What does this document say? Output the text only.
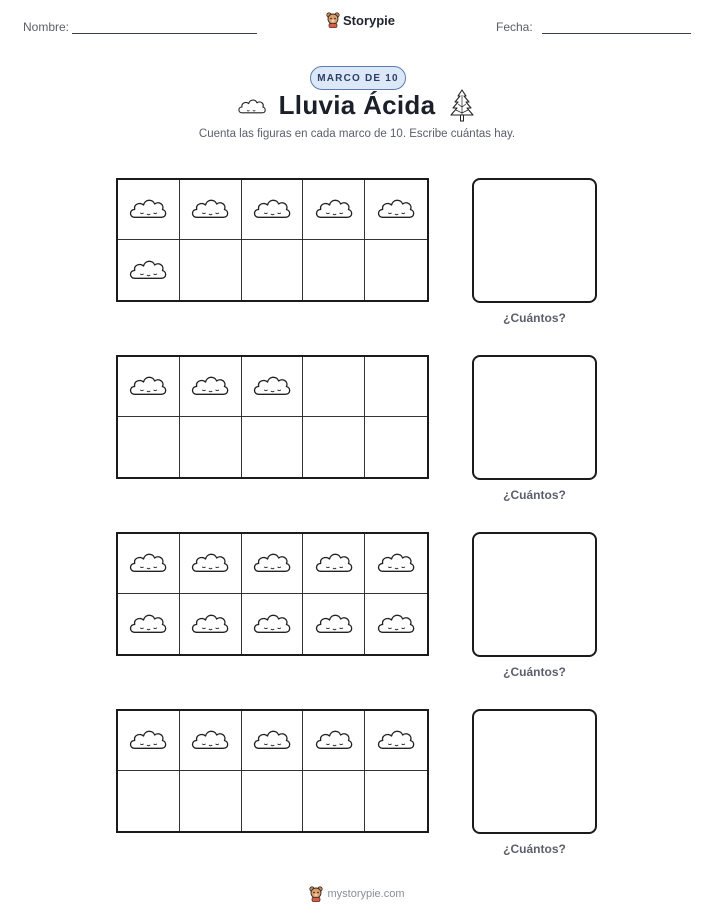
Nombre:	Storypie	Fecha:
MARCO DE 10
Lluvia Ácida
Cuenta las figuras en cada marco de 10. Escribe cuántas hay.
¿Cuántos?
¿Cuántos?
¿Cuántos?
¿Cuántos?
mystorypie.com
